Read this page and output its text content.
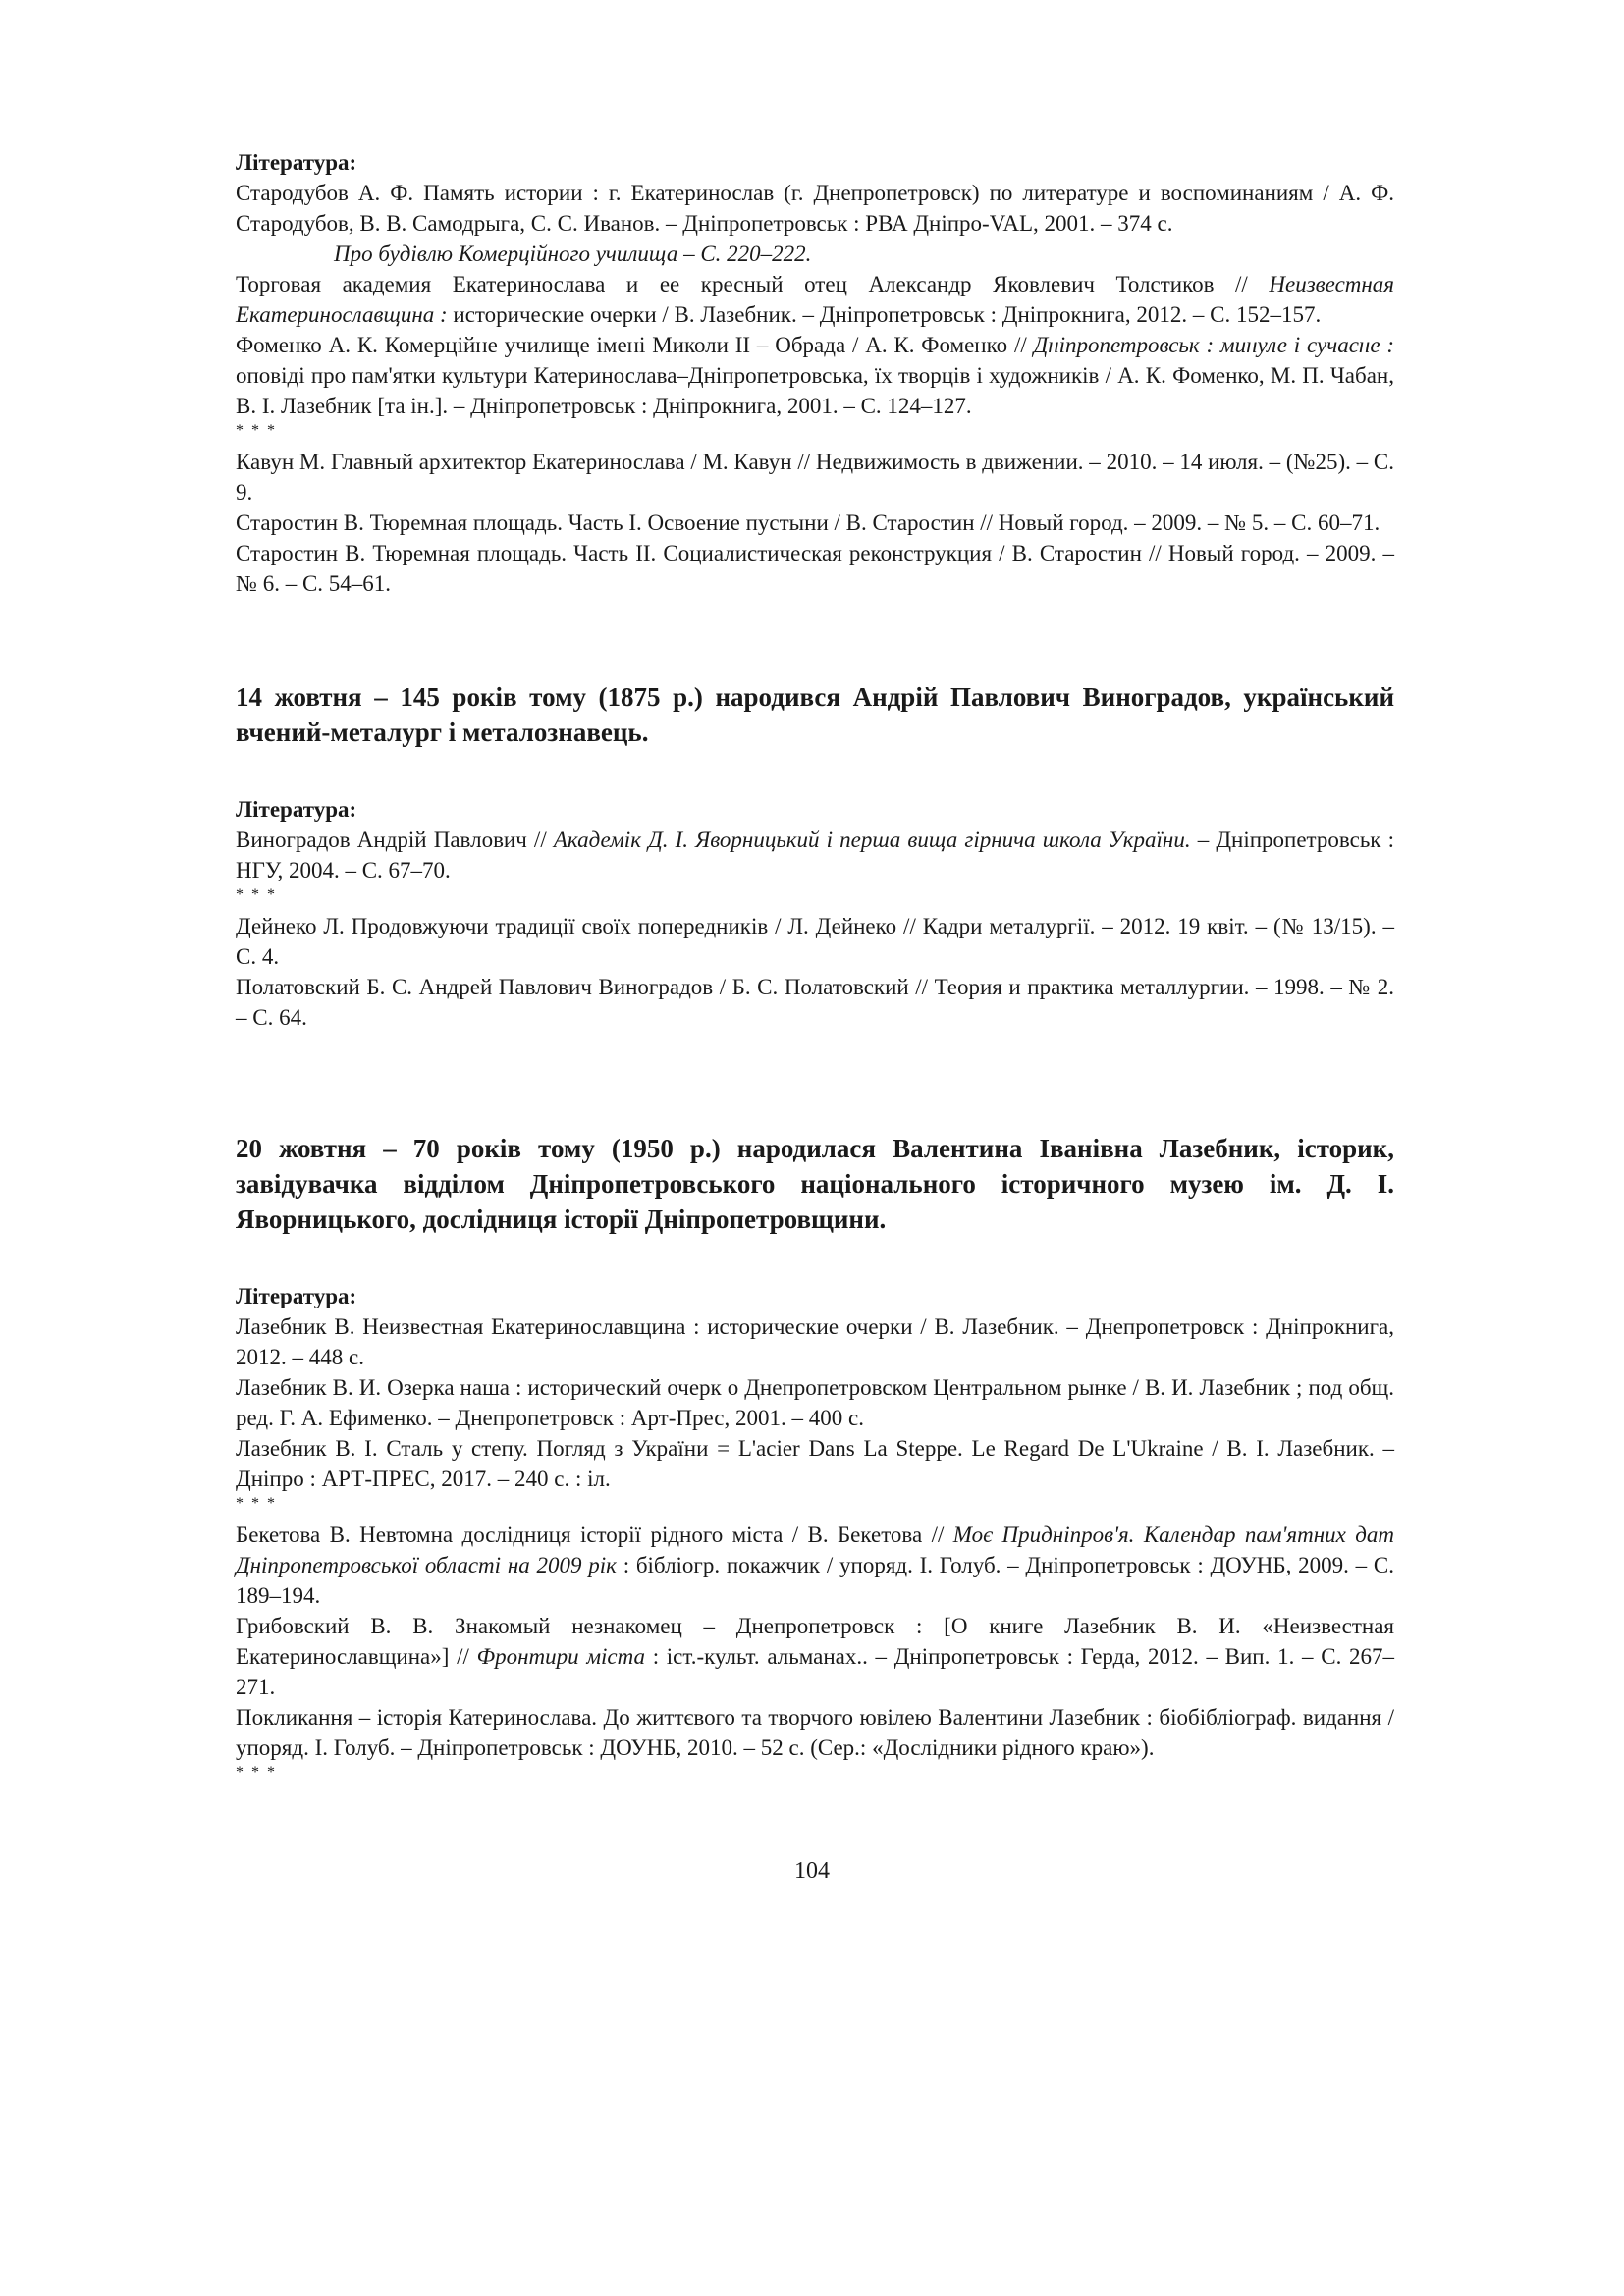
Література:

Стародубов А. Ф. Память истории : г. Екатеринослав (г. Днепропетровск) по литературе и воспоминаниям / А. Ф. Стародубов, В. В. Самодрыга, С. С. Иванов. – Дніпропетровськ : РВА Дніпро-VAL, 2001. – 374 с.

Про будівлю Комерційного училища – С. 220–222.

Торговая академия Екатеринослава и ее кресный отец Александр Яковлевич Толстиков // Неизвестная Екатеринославщина : исторические очерки / В. Лазебник. – Дніпропетровськ : Дніпрокнига, 2012. – С. 152–157.

Фоменко А. К. Комерційне училище імені Миколи II – Обрада / А. К. Фоменко // Дніпропетровськ : минуле і сучасне : оповіді про пам'ятки культури Катеринослава–Дніпропетровська, їх творців і художників / А. К. Фоменко, М. П. Чабан, В. І. Лазебник [та ін.]. – Дніпропетровськ : Дніпрокнига, 2001. – С. 124–127.

* * *

Кавун М. Главный архитектор Екатеринослава / М. Кавун // Недвижимость в движении. – 2010. – 14 июля. – (№25). – С. 9.

Старостин В. Тюремная площадь. Часть I. Освоение пустыни / В. Старостин // Новый город. – 2009. – № 5. – С. 60–71.

Старостин В. Тюремная площадь. Часть II. Социалистическая реконструкция / В. Старостин // Новый город. – 2009. – № 6. – С. 54–61.

14 жовтня – 145 років тому (1875 р.) народився Андрій Павлович Виноградов, український вчений-металург і металознавець.

Література:

Виноградов Андрій Павлович // Академік Д. І. Яворницький і перша вища гірнича школа України. – Дніпропетровськ : НГУ, 2004. – С. 67–70.

* * *

Дейнеко Л. Продовжуючи традиції своїх попередників / Л. Дейнеко // Кадри металургії. – 2012. 19 квіт. – (№ 13/15). – С. 4.

Полатовский Б. С. Андрей Павлович Виноградов / Б. С. Полатовский // Теория и практика металлургии. – 1998. – № 2. – С. 64.

20 жовтня – 70 років тому (1950 р.) народилася Валентина Іванівна Лазебник, історик, завідувачка відділом Дніпропетровського національного історичного музею ім. Д. І. Яворницького, дослідниця історії Дніпропетровщини.

Література:

Лазебник В. Неизвестная Екатеринославщина : исторические очерки / В. Лазебник. – Днепропетровск : Дніпрокнига, 2012. – 448 с.

Лазебник В. И. Озерка наша : исторический очерк о Днепропетровском Центральном рынке / В. И. Лазебник ; под общ. ред. Г. А. Ефименко. – Днепропетровск : Арт-Прес, 2001. – 400 с.

Лазебник В. І. Сталь у степу. Погляд з України = L'acier Dans La Steppe. Le Regard De L'Ukraine / В. І. Лазебник. – Дніпро : АРТ-ПРЕС, 2017. – 240 с. : іл.

* * *

Бекетова В. Невтомна дослідниця історії рідного міста / В. Бекетова // Моє Придніпров'я. Календар пам'ятних дат Дніпропетровської області на 2009 рік : бібліогр. покажчик / упоряд. І. Голуб. – Дніпропетровськ : ДОУНБ, 2009. – С. 189–194.

Грибовский В. В. Знакомый незнакомец – Днепропетровск : [О книге Лазебник В. И. «Неизвестная Екатеринославщина»] // Фронтири міста : іст.-культ. альманах.. – Дніпропетровськ : Герда, 2012. – Вип. 1. – С. 267–271.

Покликання – історія Катеринослава. До життєвого та творчого ювілею Валентини Лазебник : біобібліограф. видання / упоряд. І. Голуб. – Дніпропетровськ : ДОУНБ, 2010. – 52 с. (Сер.: «Дослідники рідного краю»).

* * *

104
